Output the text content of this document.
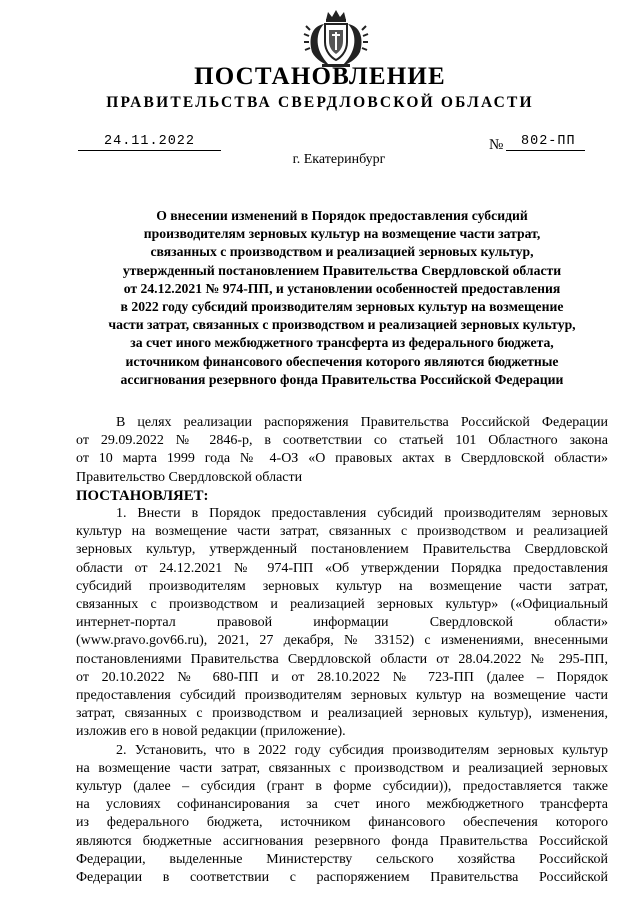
ПОСТАНОВЛЕНИЕ
ПРАВИТЕЛЬСТВА СВЕРДЛОВСКОЙ ОБЛАСТИ
24.11.2022	№ 802-ПП
г. Екатеринбург
О внесении изменений в Порядок предоставления субсидий
производителям зерновых культур на возмещение части затрат,
связанных с производством и реализацией зерновых культур,
утвержденный постановлением Правительства Свердловской области
от 24.12.2021 № 974-ПП, и установлении особенностей предоставления
в 2022 году субсидий производителям зерновых культур на возмещение
части затрат, связанных с производством и реализацией зерновых культур,
за счет иного межбюджетного трансферта из федерального бюджета,
источником финансового обеспечения которого являются бюджетные
ассигнования резервного фонда Правительства Российской Федерации
В целях реализации распоряжения Правительства Российской Федерации
от 29.09.2022 № 2846-р, в соответствии со статьей 101 Областного закона
от 10 марта 1999 года № 4-ОЗ «О правовых актах в Свердловской области»
Правительство Свердловской области
ПОСТАНОВЛЯЕТ:
1. Внести в Порядок предоставления субсидий производителям зерновых
культур на возмещение части затрат, связанных с производством и реализацией
зерновых культур, утвержденный постановлением Правительства Свердловской
области от 24.12.2021 № 974-ПП «Об утверждении Порядка предоставления
субсидий производителям зерновых культур на возмещение части затрат,
связанных с производством и реализацией зерновых культур» («Официальный
интернет-портал правовой информации Свердловской области»
(www.pravo.gov66.ru), 2021, 27 декабря, № 33152) с изменениями, внесенными
постановлениями Правительства Свердловской области от 28.04.2022 № 295-ПП,
от 20.10.2022 № 680-ПП и от 28.10.2022 № 723-ПП (далее – Порядок
предоставления субсидий производителям зерновых культур на возмещение части
затрат, связанных с производством и реализацией зерновых культур), изменения,
изложив его в новой редакции (приложение).
2. Установить, что в 2022 году субсидия производителям зерновых культур
на возмещение части затрат, связанных с производством и реализацией зерновых
культур (далее – субсидия (грант в форме субсидии)), предоставляется также
на условиях софинансирования за счет иного межбюджетного трансферта
из федерального бюджета, источником финансового обеспечения которого
являются бюджетные ассигнования резервного фонда Правительства Российской
Федерации, выделенные Министерству сельского хозяйства Российской
Федерации в соответствии с распоряжением Правительства Российской
